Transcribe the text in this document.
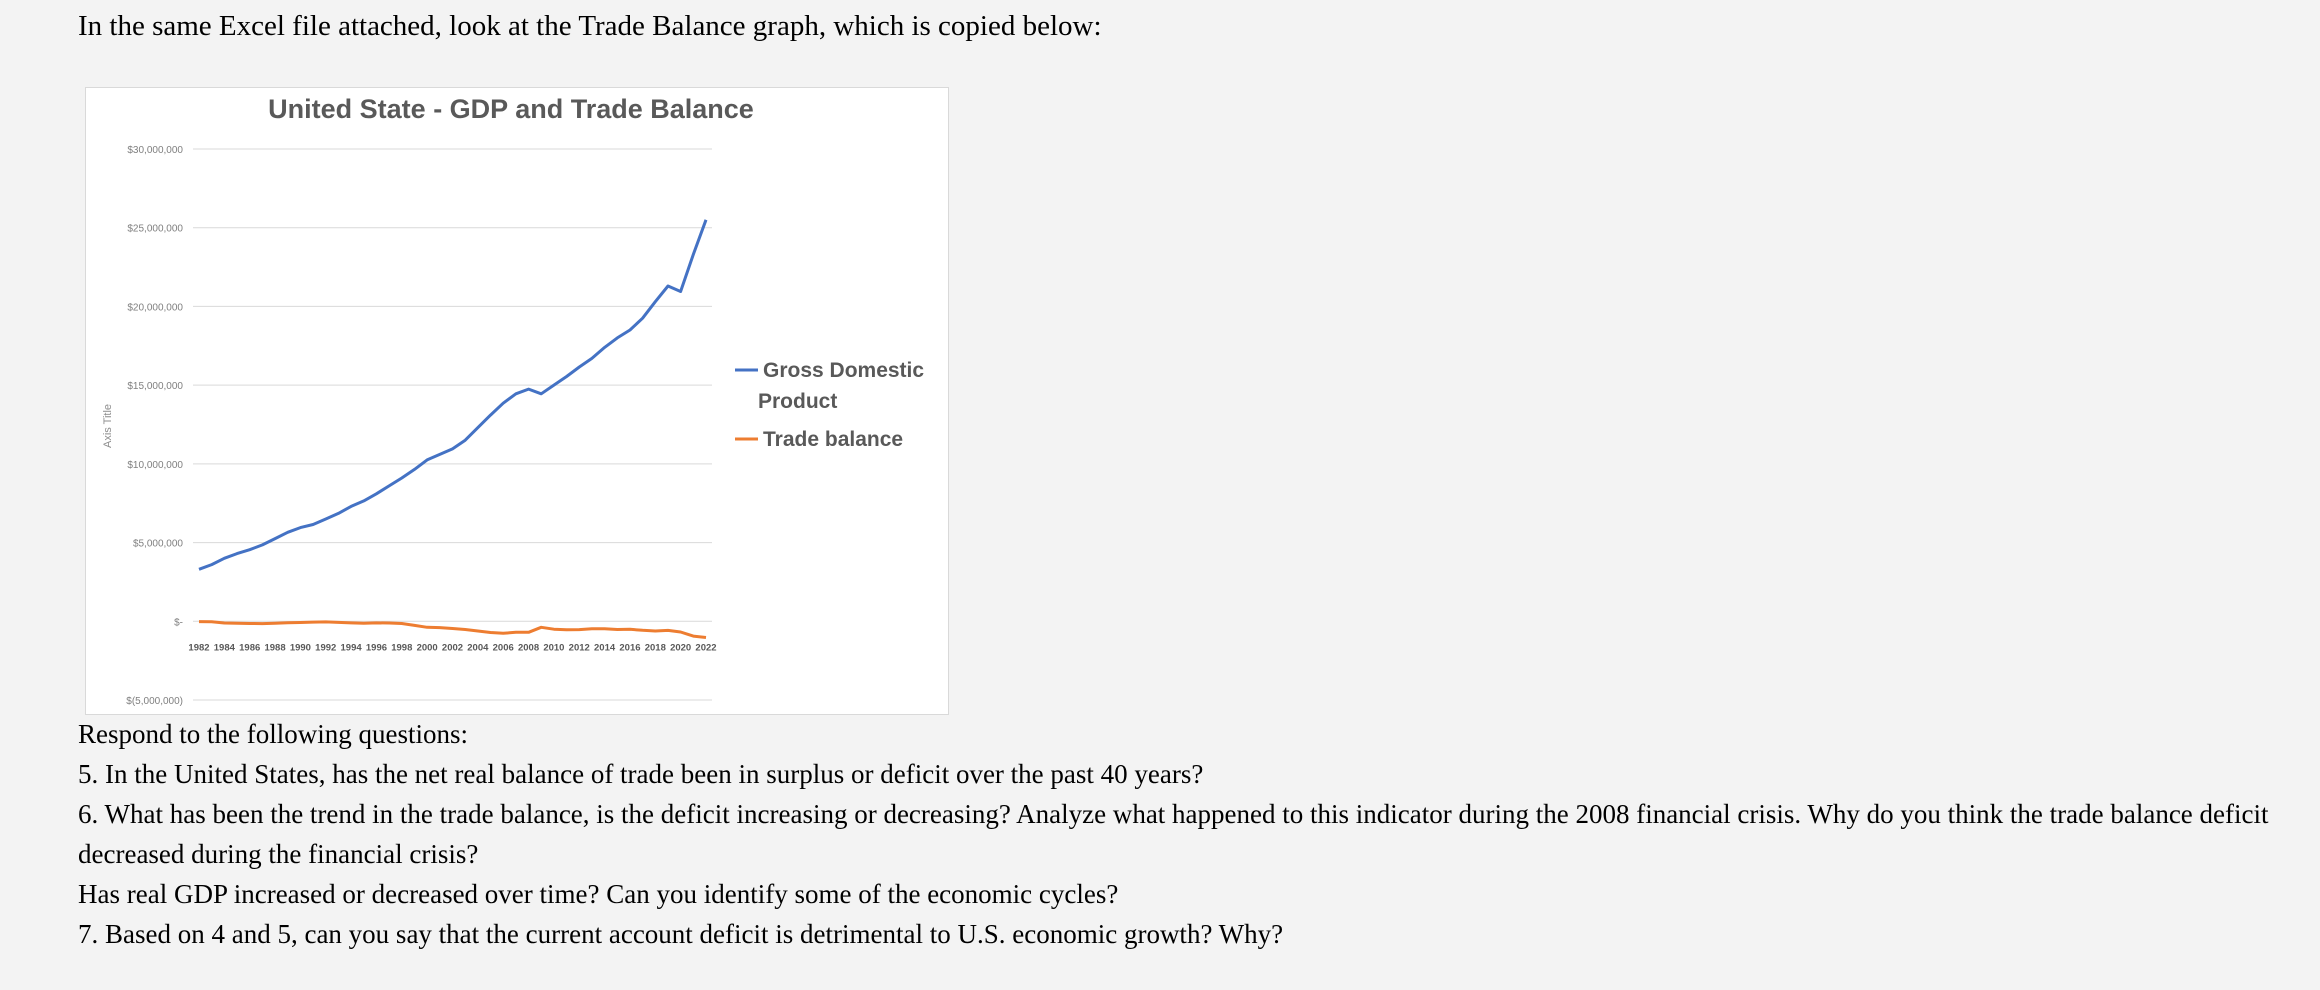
In the same Excel file attached, look at the Trade Balance graph, which is copied below:

United State - GDP and Trade Balance
$30,000,000
$25,000,000
$20,000,000
$15,000,000
$10,000,000
$5,000,000
$-
$(5,000,000)
1982 1984 1986 1988 1990 1992 1994 1996 1998 2000 2002 2004 2006 2008 2010 2012 2014 2016 2018 2020 2022
Axis Title
Gross Domestic Product
Trade balance

Respond to the following questions:

5. In the United States, has the net real balance of trade been in surplus or deficit over the past 40 years?

6. What has been the trend in the trade balance, is the deficit increasing or decreasing? Analyze what happened to this indicator during the 2008 financial crisis. Why do you think the trade balance deficit decreased during the financial crisis?

Has real GDP increased or decreased over time? Can you identify some of the economic cycles?

7. Based on 4 and 5, can you say that the current account deficit is detrimental to U.S. economic growth? Why?
